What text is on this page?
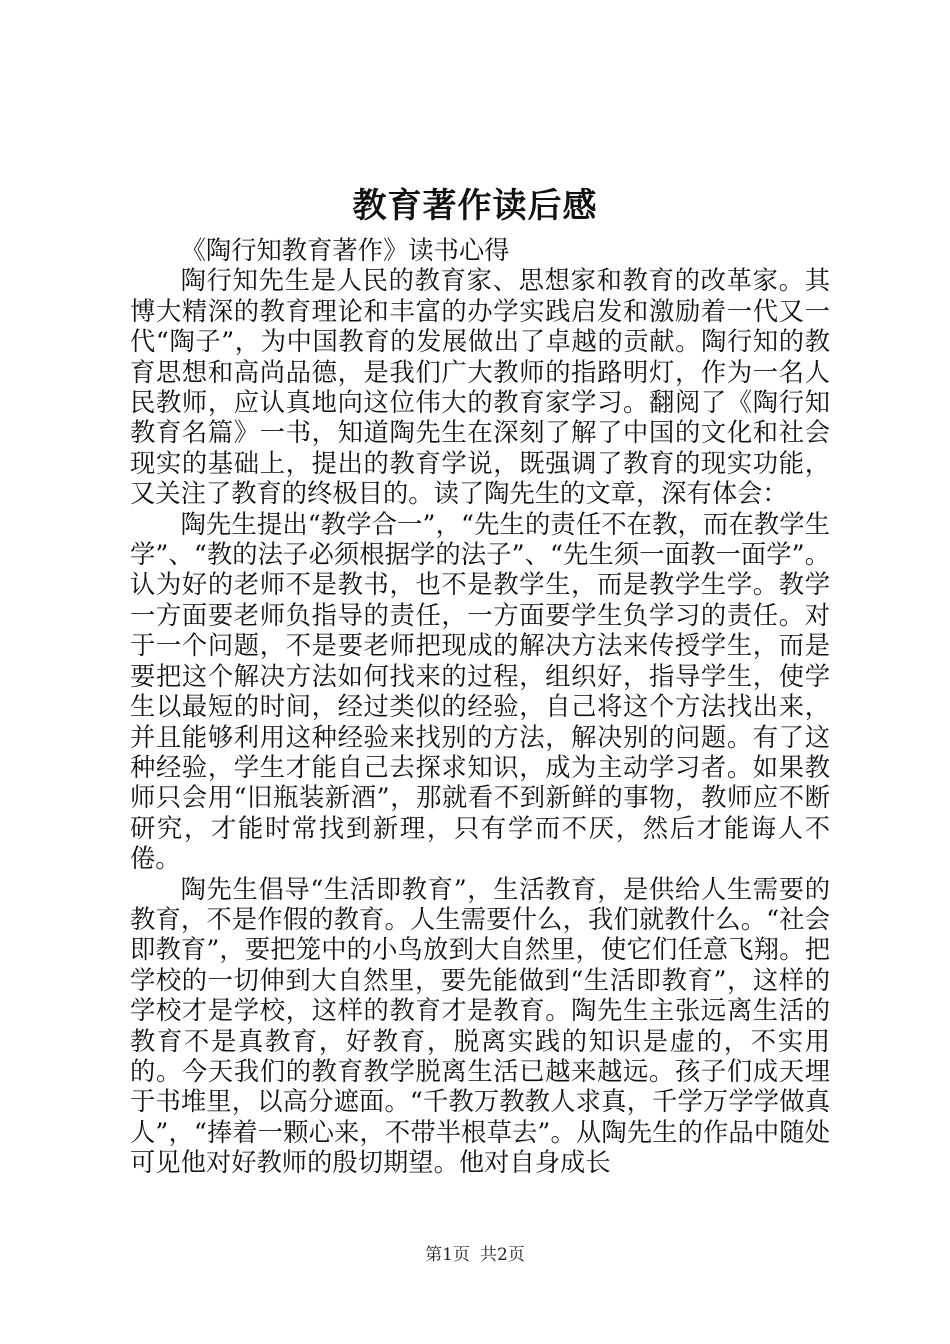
教育著作读后感

《陶行知教育著作》读书心得

陶行知先生是人民的教育家、思想家和教育的改革家。其博大精深的教育理论和丰富的办学实践启发和激励着一代又一代“陶子”，为中国教育的发展做出了卓越的贡献。陶行知的教育思想和高尚品德，是我们广大教师的指路明灯，作为一名人民教师，应认真地向这位伟大的教育家学习。翻阅了《陶行知教育名篇》一书，知道陶先生在深刻了解了中国的文化和社会现实的基础上，提出的教育学说，既强调了教育的现实功能，又关注了教育的终极目的。读了陶先生的文章，深有体会：

陶先生提出“教学合一”，“先生的责任不在教，而在教学生学”、“教的法子必须根据学的法子”、“先生须一面教一面学”。认为好的老师不是教书，也不是教学生，而是教学生学。教学一方面要老师负指导的责任，一方面要学生负学习的责任。对于一个问题，不是要老师把现成的解决方法来传授学生，而是要把这个解决方法如何找来的过程，组织好，指导学生，使学生以最短的时间，经过类似的经验，自己将这个方法找出来，并且能够利用这种经验来找别的方法，解决别的问题。有了这种经验，学生才能自己去探求知识，成为主动学习者。如果教师只会用“旧瓶装新酒”，那就看不到新鲜的事物，教师应不断研究，才能时常找到新理，只有学而不厌，然后才能诲人不倦。

陶先生倡导“生活即教育”，生活教育，是供给人生需要的教育，不是作假的教育。人生需要什么，我们就教什么。“社会即教育”，要把笼中的小鸟放到大自然里，使它们任意飞翔。把学校的一切伸到大自然里，要先能做到“生活即教育”，这样的学校才是学校，这样的教育才是教育。陶先生主张远离生活的教育不是真教育，好教育，脱离实践的知识是虚的，不实用的。今天我们的教育教学脱离生活已越来越远。孩子们成天埋于书堆里，以高分遮面。“千教万教教人求真，千学万学学做真人”，“捧着一颗心来，不带半根草去”。从陶先生的作品中随处可见他对好教师的殷切期望。他对自身成长

第1页 共2页
